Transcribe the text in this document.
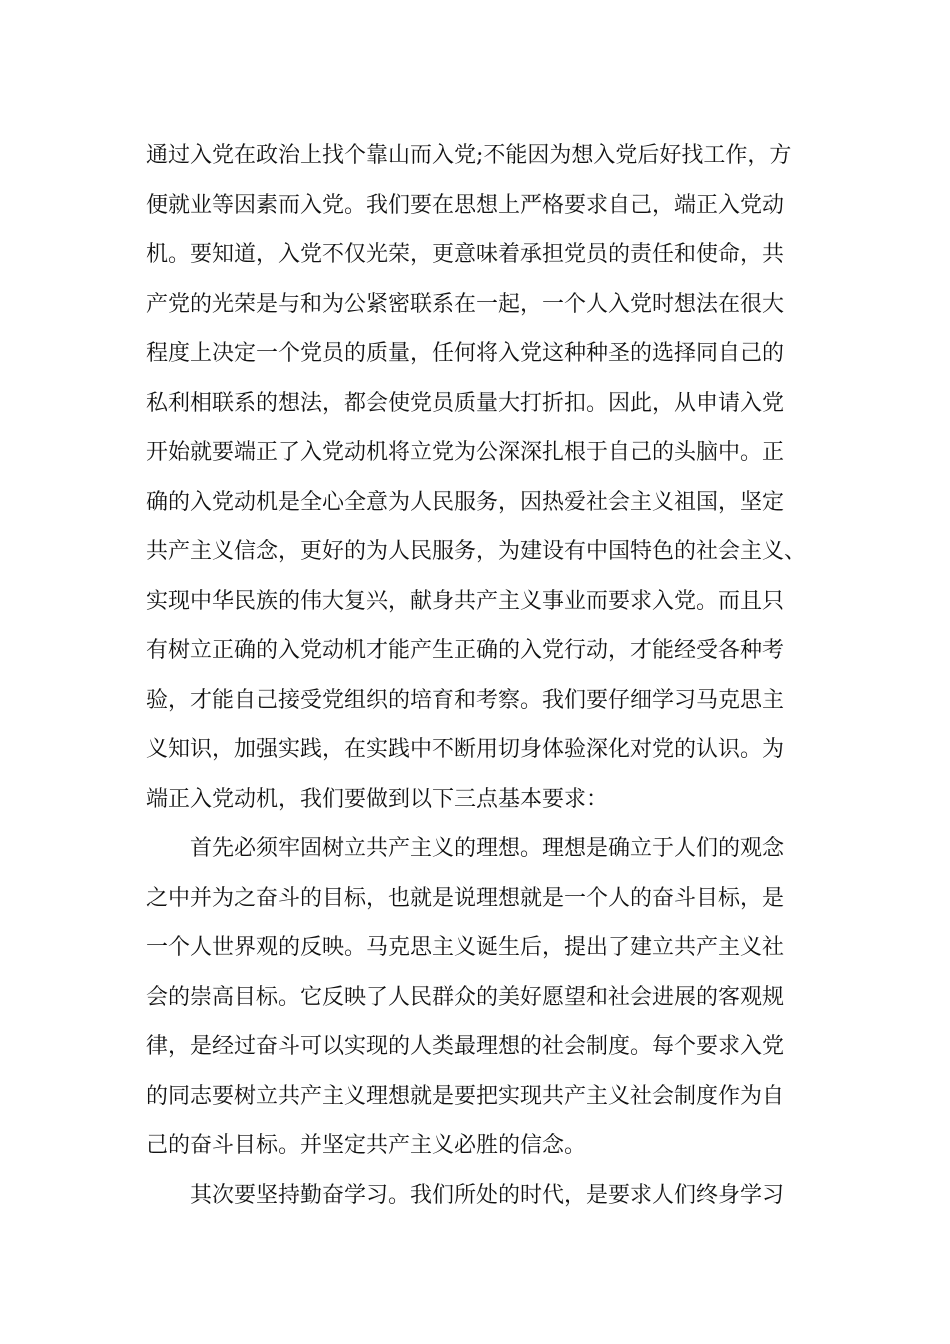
通过入党在政治上找个靠山而入党;不能因为想入党后好找工作，方
便就业等因素而入党。我们要在思想上严格要求自己，端正入党动
机。要知道，入党不仅光荣，更意味着承担党员的责任和使命，共
产党的光荣是与和为公紧密联系在一起，一个人入党时想法在很大
程度上决定一个党员的质量，任何将入党这种种圣的选择同自己的
私利相联系的想法，都会使党员质量大打折扣。因此，从申请入党
开始就要端正了入党动机将立党为公深深扎根于自己的头脑中。正
确的入党动机是全心全意为人民服务，因热爱社会主义祖国，坚定
共产主义信念，更好的为人民服务，为建设有中国特色的社会主义、
实现中华民族的伟大复兴，献身共产主义事业而要求入党。而且只
有树立正确的入党动机才能产生正确的入党行动，才能经受各种考
验，才能自己接受党组织的培育和考察。我们要仔细学习马克思主
义知识，加强实践，在实践中不断用切身体验深化对党的认识。为
端正入党动机，我们要做到以下三点基本要求：
首先必须牢固树立共产主义的理想。理想是确立于人们的观念
之中并为之奋斗的目标，也就是说理想就是一个人的奋斗目标，是
一个人世界观的反映。马克思主义诞生后，提出了建立共产主义社
会的崇高目标。它反映了人民群众的美好愿望和社会进展的客观规
律，是经过奋斗可以实现的人类最理想的社会制度。每个要求入党
的同志要树立共产主义理想就是要把实现共产主义社会制度作为自
己的奋斗目标。并坚定共产主义必胜的信念。
其次要坚持勤奋学习。我们所处的时代，是要求人们终身学习
